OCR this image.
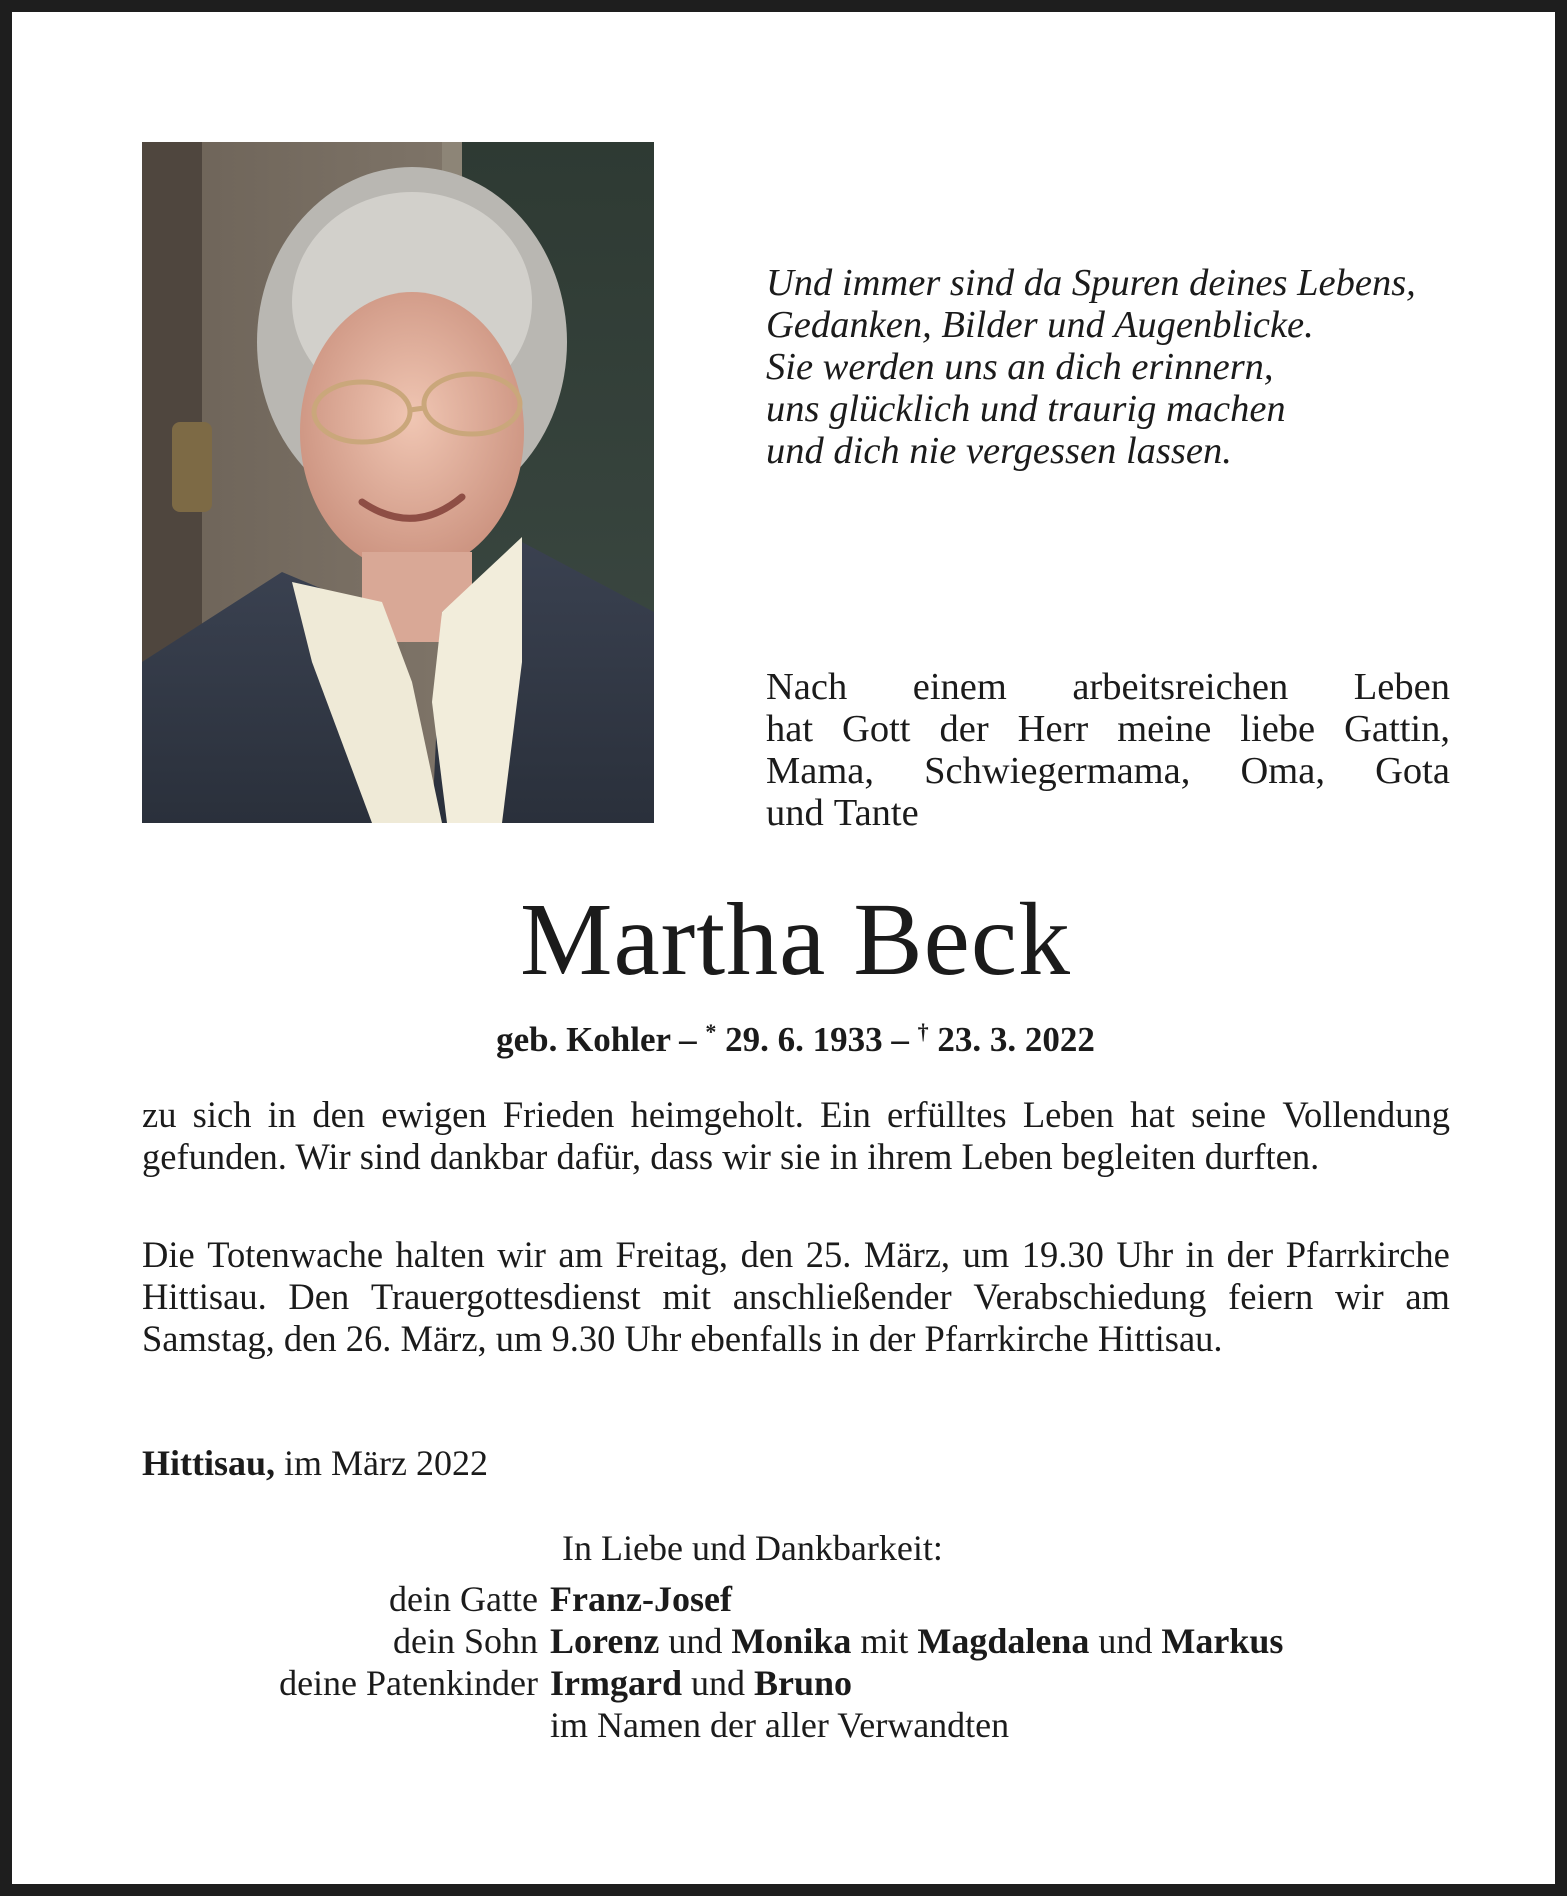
Und immer sind da Spuren deines Lebens,
Gedanken, Bilder und Augenblicke.
Sie werden uns an dich erinnern,
uns glücklich und traurig machen
und dich nie vergessen lassen.
Nach einem arbeitsreichen Leben
hat Gott der Herr meine liebe Gattin,
Mama, Schwiegermama, Oma, Gota
und Tante
Martha Beck
geb. Kohler – * 29. 6. 1933 – † 23. 3. 2022
zu sich in den ewigen Frieden heimgeholt. Ein erfülltes Leben hat seine Vollendung
gefunden. Wir sind dankbar dafür, dass wir sie in ihrem Leben begleiten durften.
Die Totenwache halten wir am Freitag, den 25. März, um 19.30 Uhr in der Pfarrkirche
Hittisau. Den Trauergottesdienst mit anschließender Verabschiedung feiern wir am
Samstag, den 26. März, um 9.30 Uhr ebenfalls in der Pfarrkirche Hittisau.
Hittisau, im März 2022
In Liebe und Dankbarkeit:
dein Gatte Franz-Josef
dein Sohn Lorenz und Monika mit Magdalena und Markus
deine Patenkinder Irmgard und Bruno
im Namen der aller Verwandten
